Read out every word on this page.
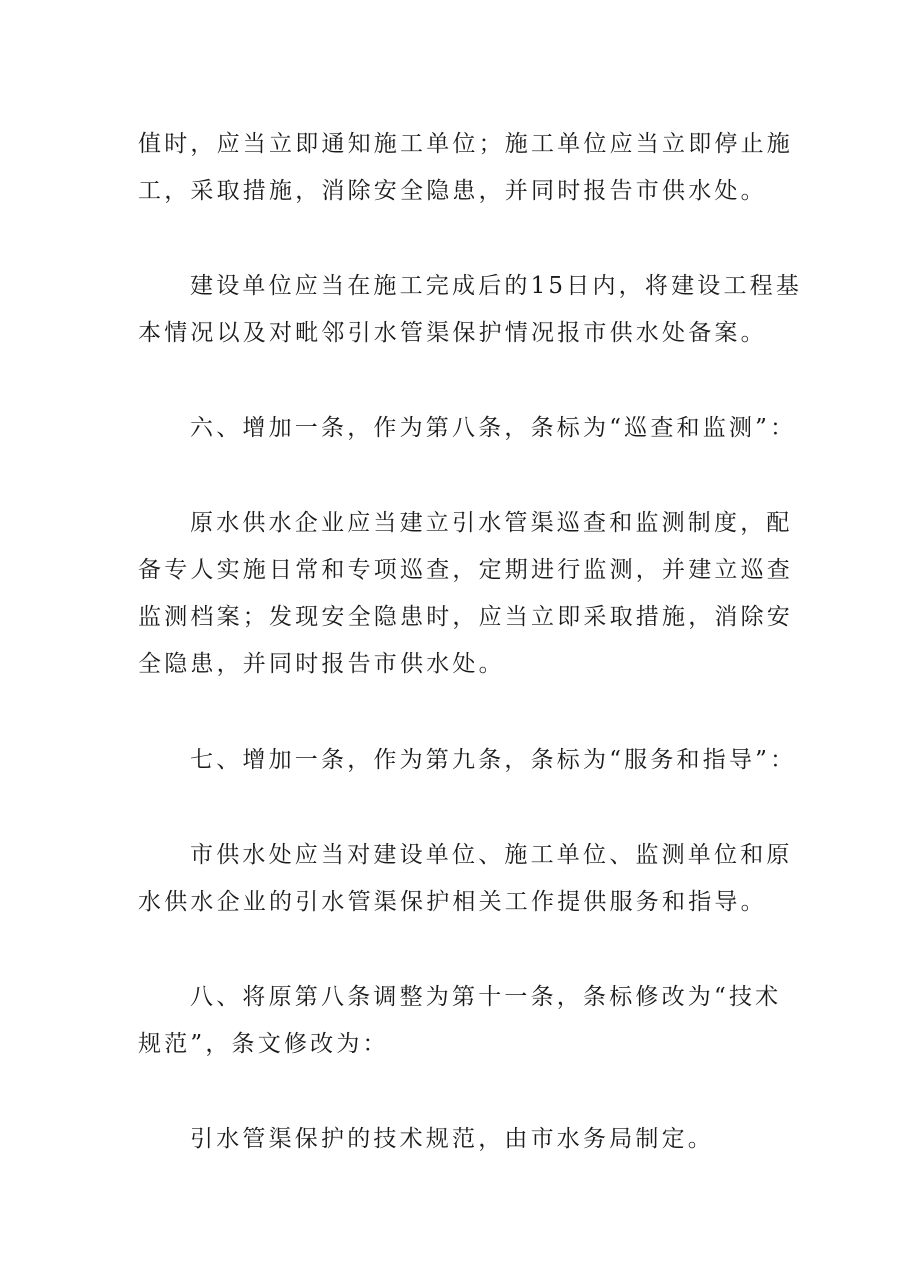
值时，应当立即通知施工单位；施工单位应当立即停止施
工，采取措施，消除安全隐患，并同时报告市供水处。
建设单位应当在施工完成后的15日内，将建设工程基
本情况以及对毗邻引水管渠保护情况报市供水处备案。
六、增加一条，作为第八条，条标为“巡查和监测”：
原水供水企业应当建立引水管渠巡查和监测制度，配
备专人实施日常和专项巡查，定期进行监测，并建立巡查
监测档案；发现安全隐患时，应当立即采取措施，消除安
全隐患，并同时报告市供水处。
七、增加一条，作为第九条，条标为“服务和指导”：
市供水处应当对建设单位、施工单位、监测单位和原
水供水企业的引水管渠保护相关工作提供服务和指导。
八、将原第八条调整为第十一条，条标修改为“技术
规范”，条文修改为：
引水管渠保护的技术规范，由市水务局制定。
